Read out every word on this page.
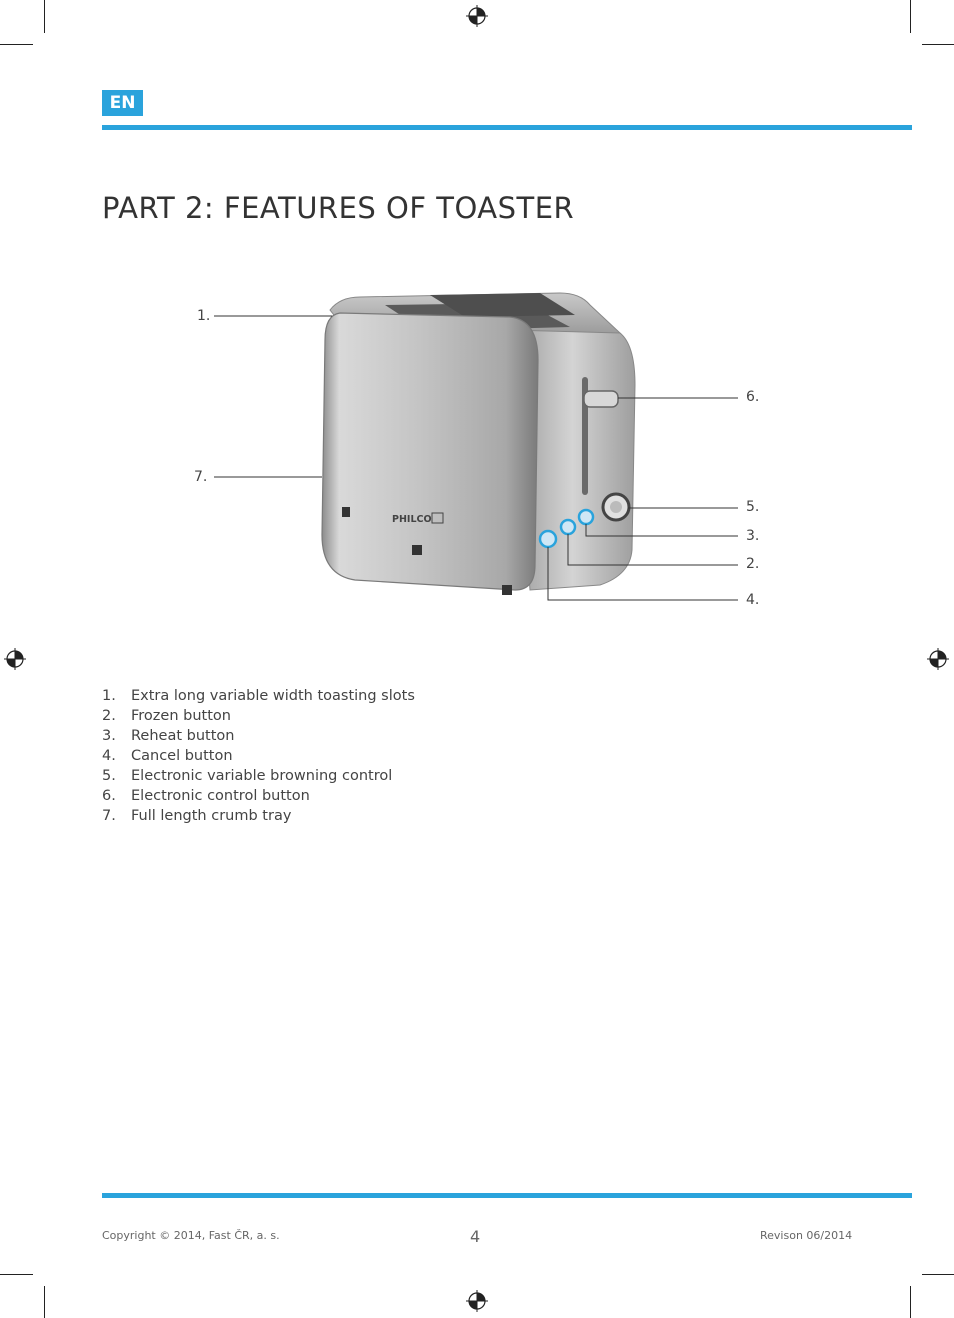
EN
PART 2: FEATURES OF TOASTER
PHILCO
1.
7.
6.
5.
3.
2.
4.
1. Extra long variable width toasting slots
2. Frozen button
3. Reheat button
4. Cancel button
5. Electronic variable browning control
6. Electronic control button
7. Full length crumb tray
Copyright © 2014, Fast ČR, a. s.	4	Revison 06/2014
